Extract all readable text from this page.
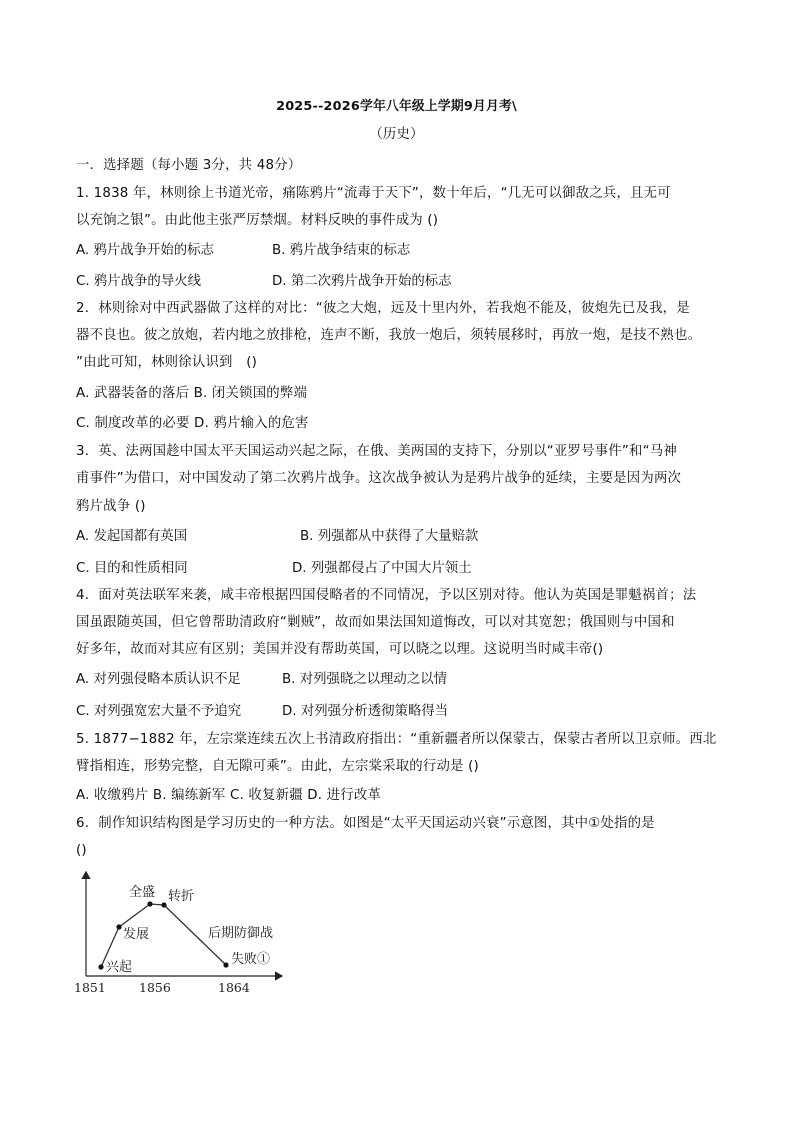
2025--2026学年八年级上学期9月月考\
（历史）
一．选择题（每小题 3分，共 48分）
1. 1838 年，林则徐上书道光帝，痛陈鸦片“流毒于天下”，数十年后，“几无可以御敌之兵，且无可
以充饷之银”。由此他主张严厉禁烟。材料反映的事件成为 ()
A. 鸦片战争开始的标志	B. 鸦片战争结束的标志
C. 鸦片战争的导火线	D. 第二次鸦片战争开始的标志
2．林则徐对中西武器做了这样的对比：“彼之大炮，远及十里内外，若我炮不能及，彼炮先已及我，是
器不良也。彼之放炮，若内地之放排枪，连声不断，我放一炮后，须转展移时，再放一炮，是技不熟也。
”由此可知，林则徐认识到　()
A. 武器装备的落后 B. 闭关锁国的弊端
C. 制度改革的必要 D. 鸦片输入的危害
3．英、法两国趁中国太平天国运动兴起之际，在俄、美两国的支持下，分别以“亚罗号事件”和“马神
甫事件”为借口，对中国发动了第二次鸦片战争。这次战争被认为是鸦片战争的延续，主要是因为两次
鸦片战争 ()
A. 发起国都有英国	B. 列强都从中获得了大量赔款
C. 目的和性质相同	D. 列强都侵占了中国大片领土
4．面对英法联军来袭，咸丰帝根据四国侵略者的不同情况，予以区别对待。他认为英国是罪魁祸首；法
国虽跟随英国，但它曾帮助清政府“剿贼”，故而如果法国知道悔改，可以对其宽恕；俄国则与中国和
好多年，故而对其应有区别；美国并没有帮助英国，可以晓之以理。这说明当时咸丰帝()
A. 对列强侵略本质认识不足	B. 对列强晓之以理动之以情
C. 对列强宽宏大量不予追究	D. 对列强分析透彻策略得当
5. 1877−1882 年，左宗棠连续五次上书清政府指出：“重新疆者所以保蒙古，保蒙古者所以卫京师。西北
臂指相连，形势完整，自无隙可乘”。由此，左宗棠采取的行动是 ()
A. 收缴鸦片 B. 编练新军 C. 收复新疆 D. 进行改革
6．制作知识结构图是学习历史的一种方法。如图是“太平天国运动兴衰”示意图，其中①处指的是
()
兴起
发展
全盛 转折
后期防御战
失败①
1851	1856	1864
